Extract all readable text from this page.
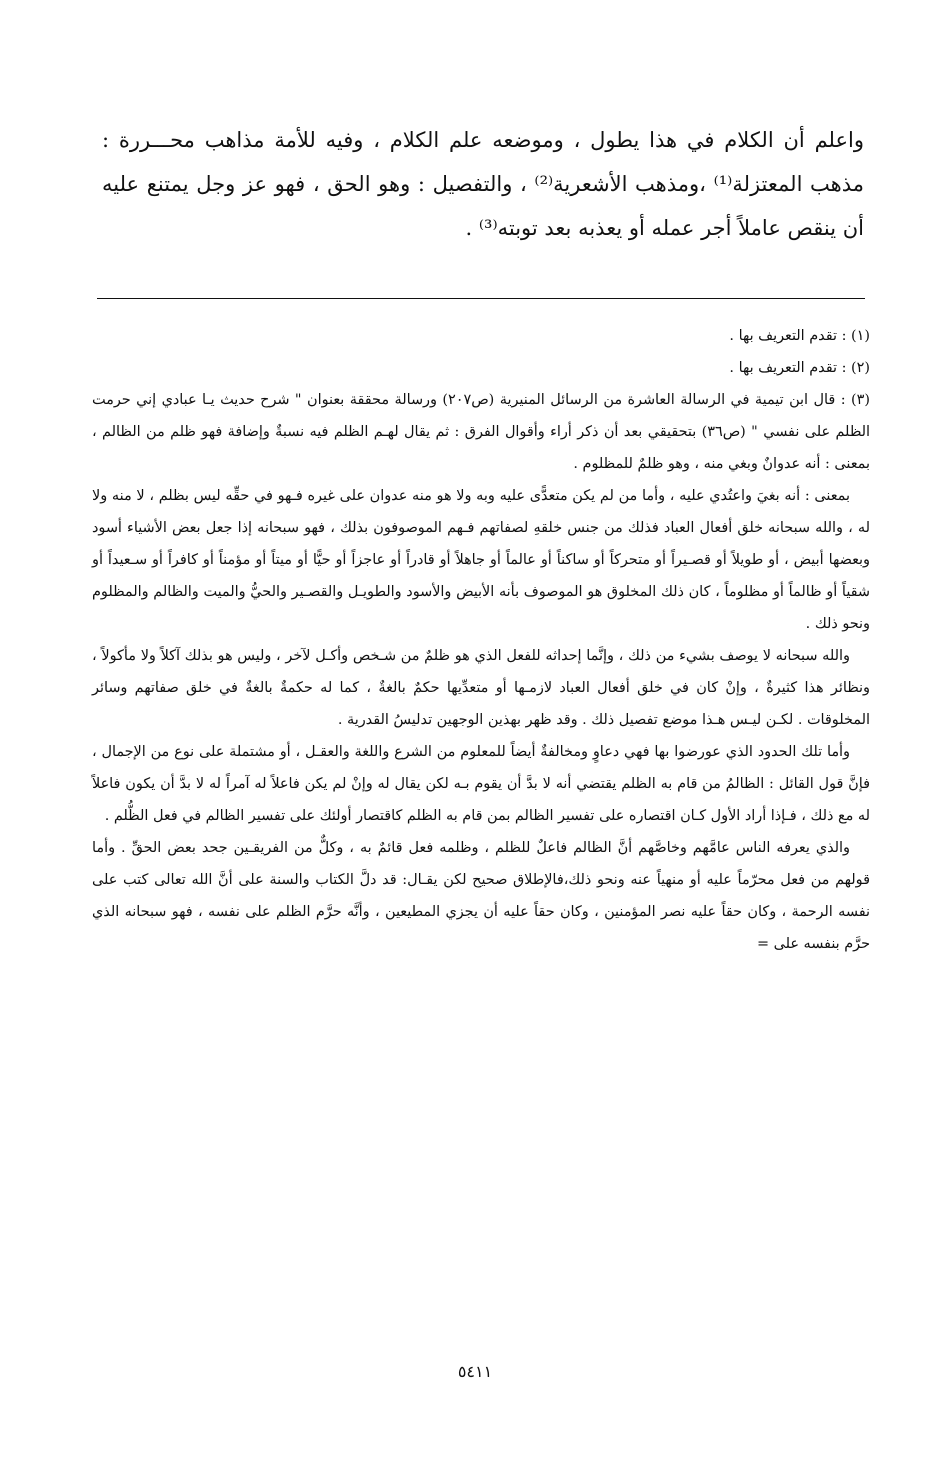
واعلم أن الكلام في هذا يطول ، وموضعه علم الكلام ، وفيه للأمة مذاهب محـــررة : مذهب المعتزلة⁽¹⁾ ،ومذهب الأشعرية⁽²⁾ ، والتفصيل : وهو الحق ، فهو عز وجل يمتنع عليه أن ينقص عاملاً أجر عمله أو يعذبه بعد توبته⁽³⁾ .

(١) : تقدم التعريف بها .

(٢) : تقدم التعريف بها .

(٣) : قال ابن تيمية في الرسالة العاشرة من الرسائل المنيرية (ص٢٠٧) ورسالة محققة بعنوان " شرح حديث يـا عبادي إني حرمت الظلم على نفسي " (ص٣٦) بتحقيقي بعد أن ذكر أراء وأقوال الفرق : ثم يقال لهـم الظلم فيه نسبةٌ وإضافة فهو ظلم من الظالم ، بمعنى : أنه عدوانٌ وبغي منه ، وهو ظلمٌ للمظلوم .

بمعنى : أنه بغيَ واعتُدي عليه ، وأما من لم يكن متعدًّى عليه وبه ولا هو منه عدوان على غيره فـهو في حقِّه ليس بظلم ، لا منه ولا له ، والله سبحانه خلق أفعال العباد فذلك من جنس خلقهِ لصفاتهم فـهم الموصوفون بذلك ، فهو سبحانه إذا جعل بعض الأشياء أسود وبعضها أبيض ، أو طويلاً أو قصـيراً أو متحركاً أو ساكناً أو عالماً أو جاهلاً أو قادراً أو عاجزاً أو حيًّا أو ميتاً أو مؤمناً أو كافراً أو سـعيداً أو شقياً أو ظالماً أو مظلوماً ، كان ذلك المخلوق هو الموصوف بأنه الأبيض والأسود والطويـل والقصـير والحيُّ والميت والظالم والمظلوم ونحو ذلك .

والله سبحانه لا يوصف بشيء من ذلك ، وإنَّما إحداثه للفعل الذي هو ظلمٌ من شـخص وأكـل لآخر ، وليس هو بذلك آكلاً ولا مأكولاً ، ونظائر هذا كثيرةٌ ، وإنْ كان في خلق أفعال العباد لازمـها أو متعدِّيها حكمٌ بالغةٌ ، كما له حكمةٌ بالغةٌ في خلق صفاتهم وسائر المخلوقات . لكـن ليـس هـذا موضع تفصيل ذلك . وقد ظهر بهذين الوجهين تدليسُ القدرية .

وأما تلك الحدود الذي عورضوا بها فهي دعاوٍ ومخالفةٌ أيضاً للمعلوم من الشرع واللغة والعقـل ، أو مشتملة على نوع من الإجمال ، فإنَّ قول القائل : الظالمُ من قام به الظلم يقتضي أنه لا بدَّ أن يقوم بـه لكن يقال له وإنْ لم يكن فاعلاً له آمراً له لا بدَّ أن يكون فاعلاً له مع ذلك ، فـإذا أراد الأول كـان اقتصاره على تفسير الظالم بمن قام به الظلم كاقتصار أولئك على تفسير الظالم في فعل الظُّلم .

والذي يعرفه الناس عامَّهم وخاصَّهم أنَّ الظالم فاعلٌ للظلم ، وظلمه فعل قائمٌ به ، وكلٌّ من الفريقـين جحد بعض الحقِّ . وأما قولهم من فعل محرّماً عليه أو منهياً عنه ونحو ذلك،فالإطلاق صحيح لكن يقـال: قد دلَّ الكتاب والسنة على أنَّ الله تعالى كتب على نفسه الرحمة ، وكان حقاً عليه نصر المؤمنين ، وكان حقاً عليه أن يجزي المطيعين ، وأنَّه حرَّم الظلم على نفسه ، فهو سبحانه الذي حرَّم بنفسه على =

٥٤١١
